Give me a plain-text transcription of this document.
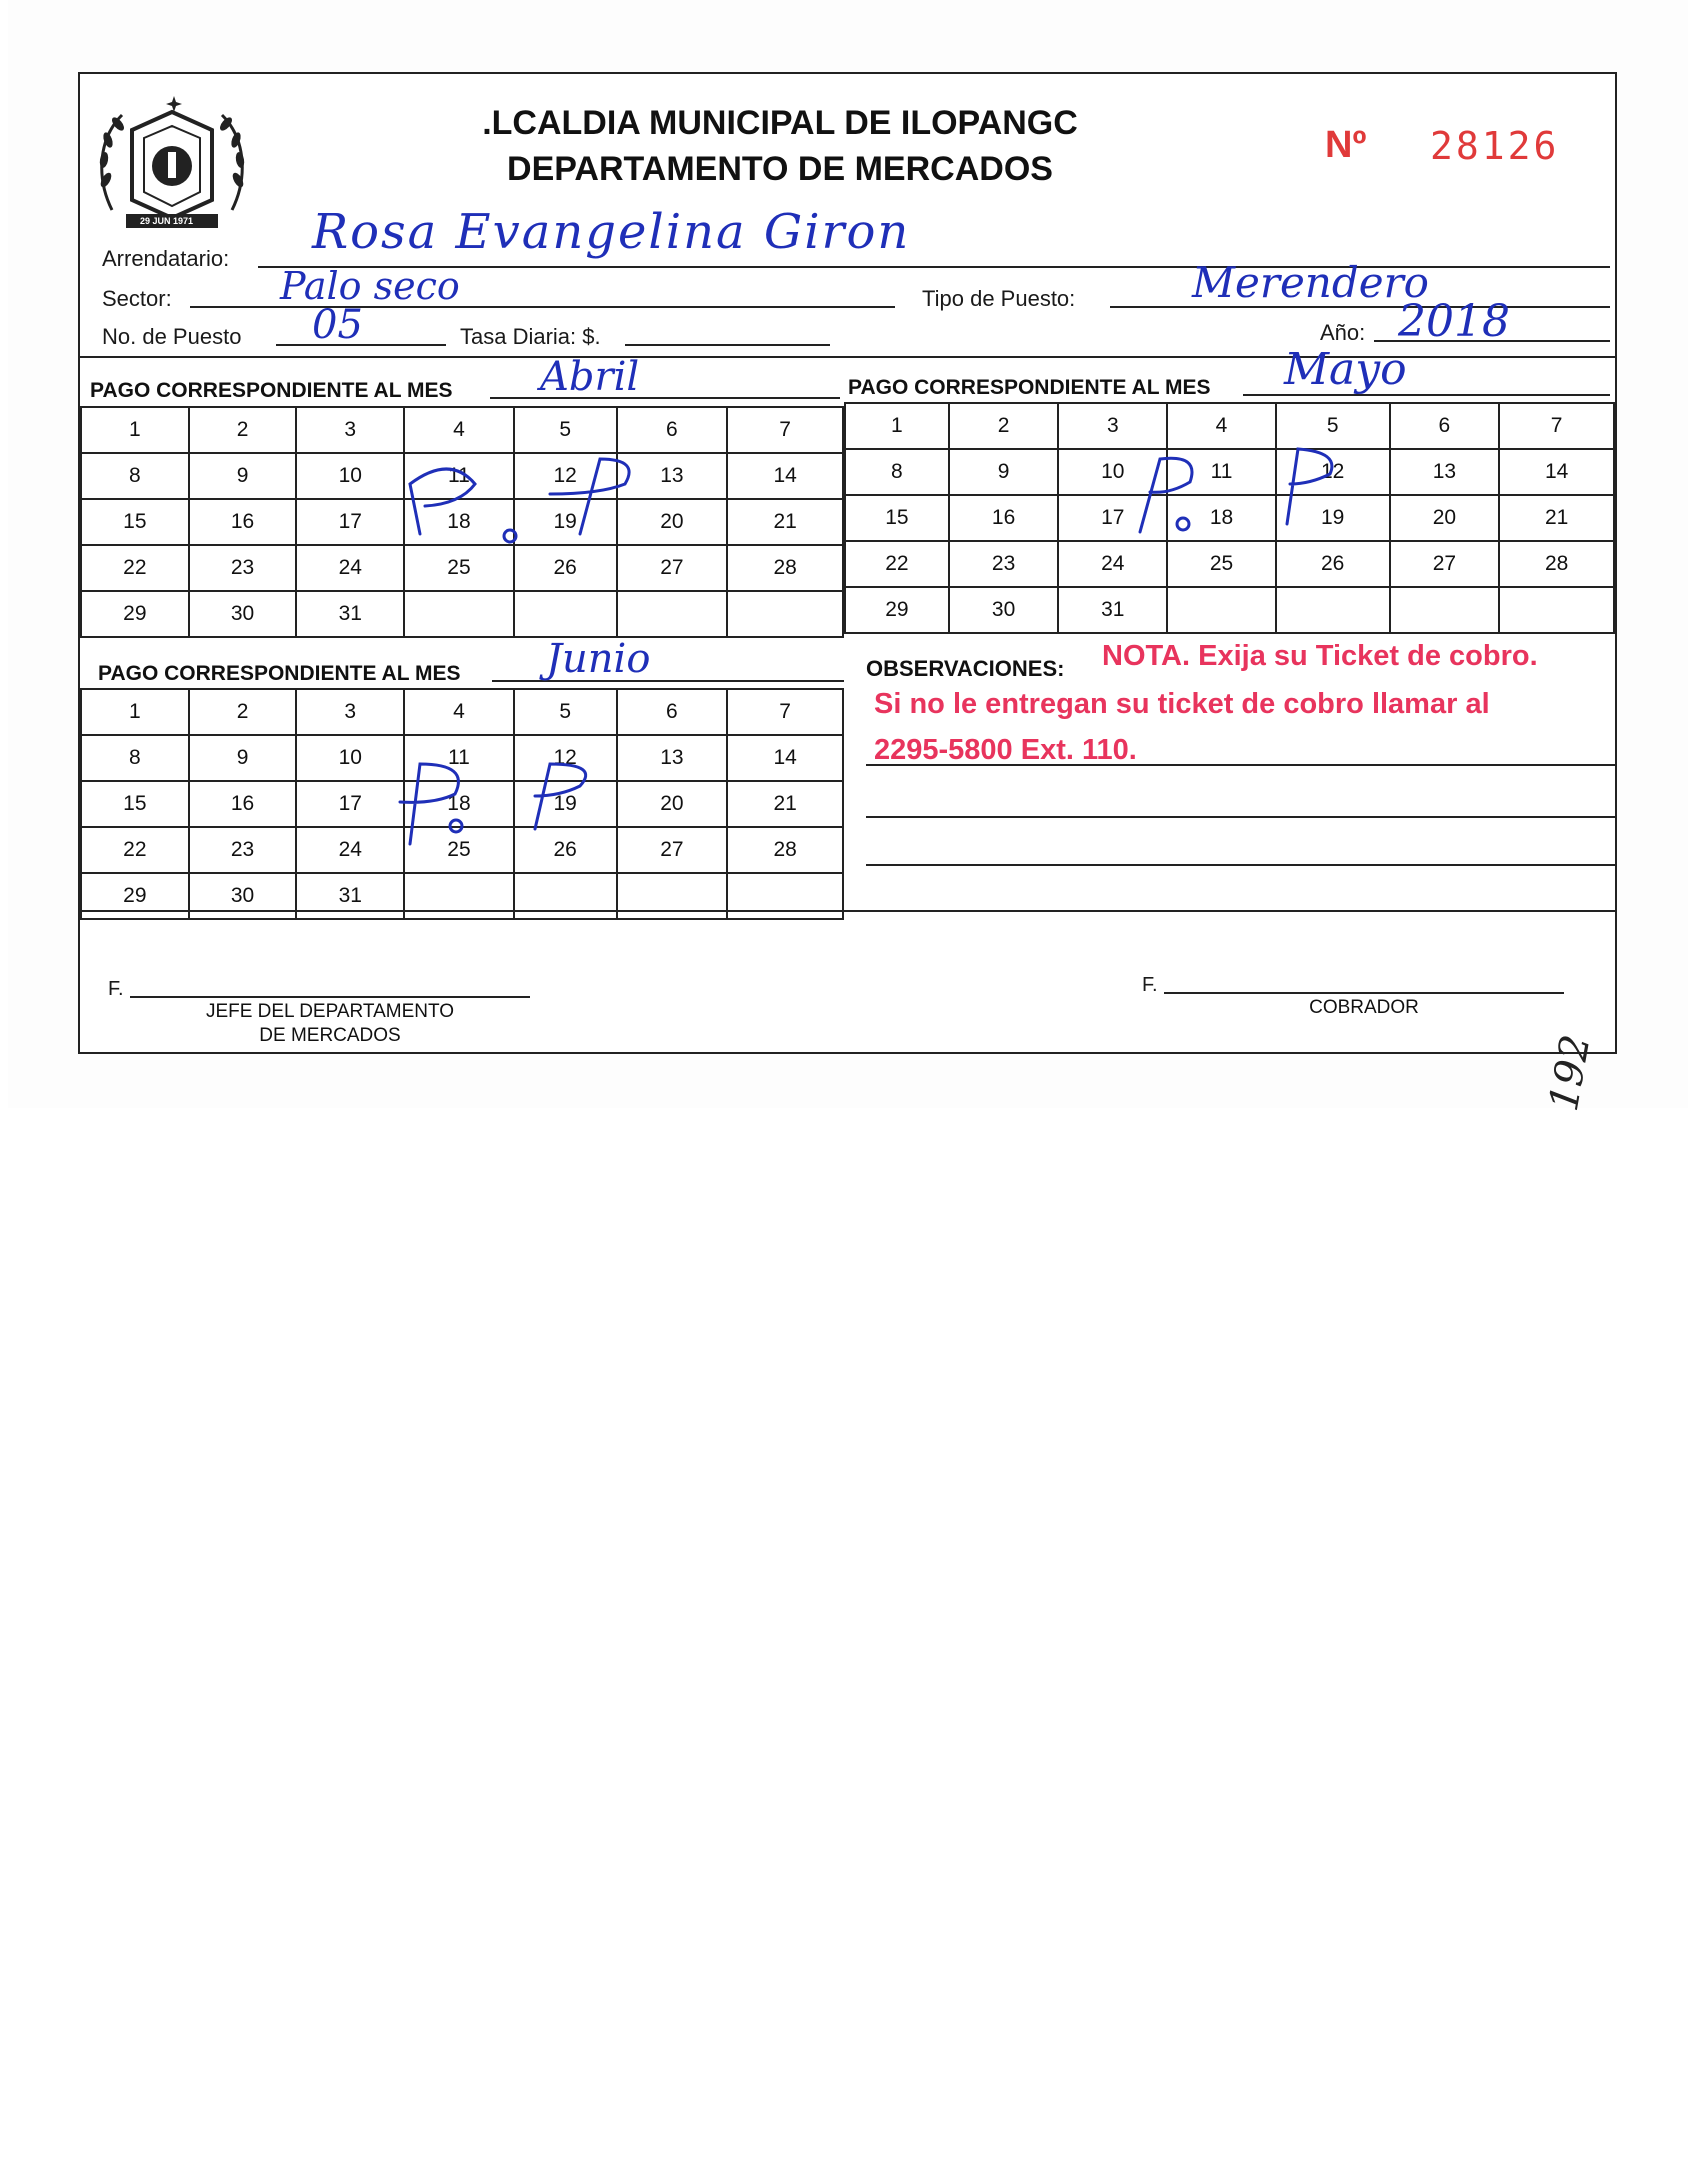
29 JUN 1971
.LCALDIA MUNICIPAL DE ILOPANGC
DEPARTAMENTO DE MERCADOS
Nº 28126
Arrendatario: Rosa Evangelina Giron
Sector:	Palo seco	Tipo de Puesto:	Merendero
No. de Puesto 05	Tasa Diaria: $.	Año: 2018
PAGO CORRESPONDIENTE AL MES Abril	PAGO CORRESPONDIENTE AL MES Mayo
1	2	3	4	5	6	7
8	9	10	11	12	13	14
15	16	17	18	19	20	21
22	23	24	25	26	27	28
29	30	31				
1	2	3	4	5	6	7
8	9	10	11	12	13	14
15	16	17	18	19	20	21
22	23	24	25	26	27	28
29	30	31				
PAGO CORRESPONDIENTE AL MES Junio
1	2	3	4	5	6	7
8	9	10	11	12	13	14
15	16	17	18	19	20	21
22	23	24	25	26	27	28
29	30	31				
OBSERVACIONES: NOTA. Exija su Ticket de cobro.
Si no le entregan su ticket de cobro llamar al
2295-5800 Ext. 110.
F.
JEFE DEL DEPARTAMENTO
DE MERCADOS
F.
COBRADOR
192
